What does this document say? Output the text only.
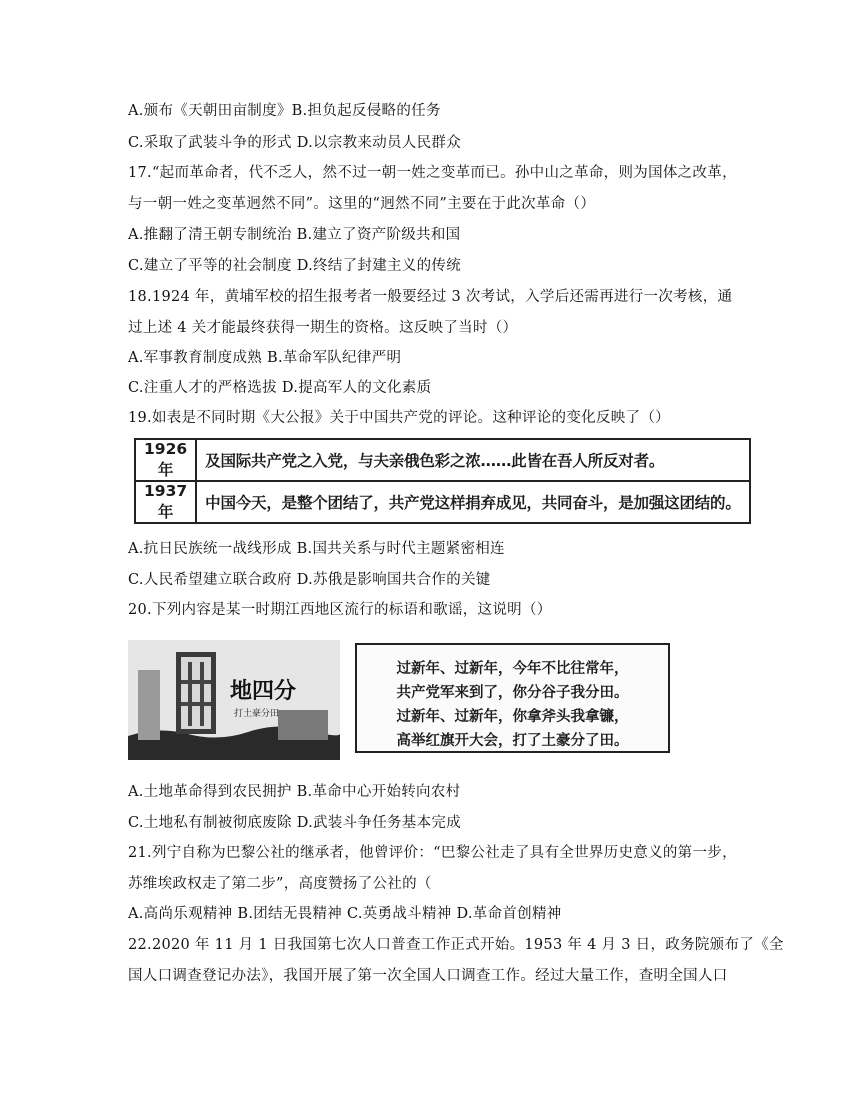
A.颁布《天朝田亩制度》B.担负起反侵略的任务
C.采取了武装斗争的形式 D.以宗教来动员人民群众
17.“起而革命者，代不乏人，然不过一朝一姓之变革而已。孙中山之革命，则为国体之改革，
与一朝一姓之变革迥然不同”。这里的“迥然不同”主要在于此次革命（）
A.推翻了清王朝专制统治 B.建立了资产阶级共和国
C.建立了平等的社会制度 D.终结了封建主义的传统
18.1924 年，黄埔军校的招生报考者一般要经过 3 次考试，入学后还需再进行一次考核，通
过上述 4 关才能最终获得一期生的资格。这反映了当时（）
A.军事教育制度成熟 B.革命军队纪律严明
C.注重人才的严格选拔 D.提高军人的文化素质
19.如表是不同时期《大公报》关于中国共产党的评论。这种评论的变化反映了（）
1926 年	及国际共产党之入党，与夫亲俄色彩之浓……此皆在吾人所反对者。
1937 年	中国今天，是整个团结了，共产党这样捐弃成见，共同奋斗，是加强这团结的。
A.抗日民族统一战线形成 B.国共关系与时代主题紧密相连
C.人民希望建立联合政府 D.苏俄是影响国共合作的关键
20.下列内容是某一时期江西地区流行的标语和歌谣，这说明（）
地四分
打土豪分田
过新年、过新年，今年不比往常年，
共产党军来到了，你分谷子我分田。
过新年、过新年，你拿斧头我拿镰，
高举红旗开大会，打了土豪分了田。
A.土地革命得到农民拥护 B.革命中心开始转向农村
C.土地私有制被彻底废除 D.武装斗争任务基本完成
21.列宁自称为巴黎公社的继承者，他曾评价：“巴黎公社走了具有全世界历史意义的第一步，
苏维埃政权走了第二步”，高度赞扬了公社的（
A.高尚乐观精神 B.团结无畏精神 C.英勇战斗精神 D.革命首创精神
22.2020 年 11 月 1 日我国第七次人口普查工作正式开始。1953 年 4 月 3 日，政务院颁布了《全
国人口调查登记办法》，我国开展了第一次全国人口调查工作。经过大量工作，查明全国人口
